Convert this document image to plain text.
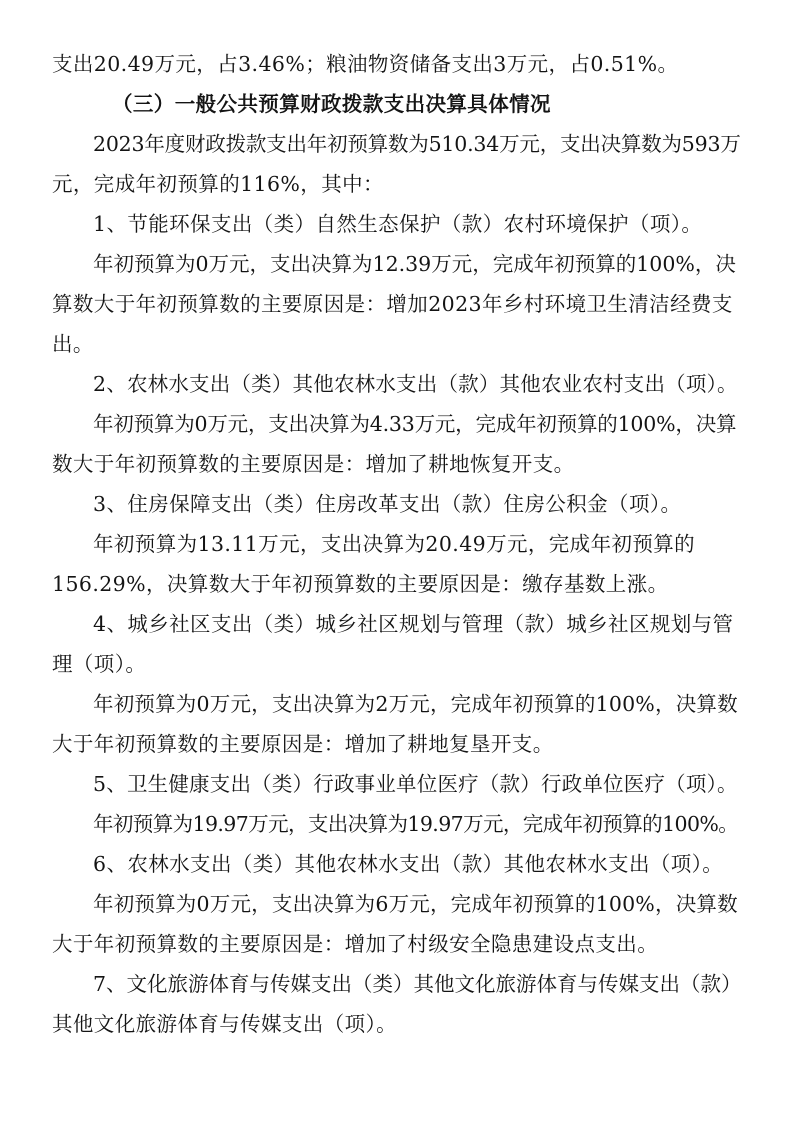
支出20.49万元，占3.46%；粮油物资储备支出3万元，占0.51%。

（三）一般公共预算财政拨款支出决算具体情况

2023年度财政拨款支出年初预算数为510.34万元，支出决算数为593万

元，完成年初预算的116%，其中：

1、节能环保支出（类）自然生态保护（款）农村环境保护（项）。

年初预算为0万元，支出决算为12.39万元，完成年初预算的100%，决

算数大于年初预算数的主要原因是：增加2023年乡村环境卫生清洁经费支

出。

2、农林水支出（类）其他农林水支出（款）其他农业农村支出（项）。

年初预算为0万元，支出决算为4.33万元，完成年初预算的100%，决算

数大于年初预算数的主要原因是：增加了耕地恢复开支。

3、住房保障支出（类）住房改革支出（款）住房公积金（项）。

年初预算为13.11万元，支出决算为20.49万元，完成年初预算的

156.29%，决算数大于年初预算数的主要原因是：缴存基数上涨。

4、城乡社区支出（类）城乡社区规划与管理（款）城乡社区规划与管

理（项）。

年初预算为0万元，支出决算为2万元，完成年初预算的100%，决算数

大于年初预算数的主要原因是：增加了耕地复垦开支。

5、卫生健康支出（类）行政事业单位医疗（款）行政单位医疗（项）。

年初预算为19.97万元，支出决算为19.97万元，完成年初预算的100%。

6、农林水支出（类）其他农林水支出（款）其他农林水支出（项）。

年初预算为0万元，支出决算为6万元，完成年初预算的100%，决算数

大于年初预算数的主要原因是：增加了村级安全隐患建设点支出。

7、文化旅游体育与传媒支出（类）其他文化旅游体育与传媒支出（款）

其他文化旅游体育与传媒支出（项）。
